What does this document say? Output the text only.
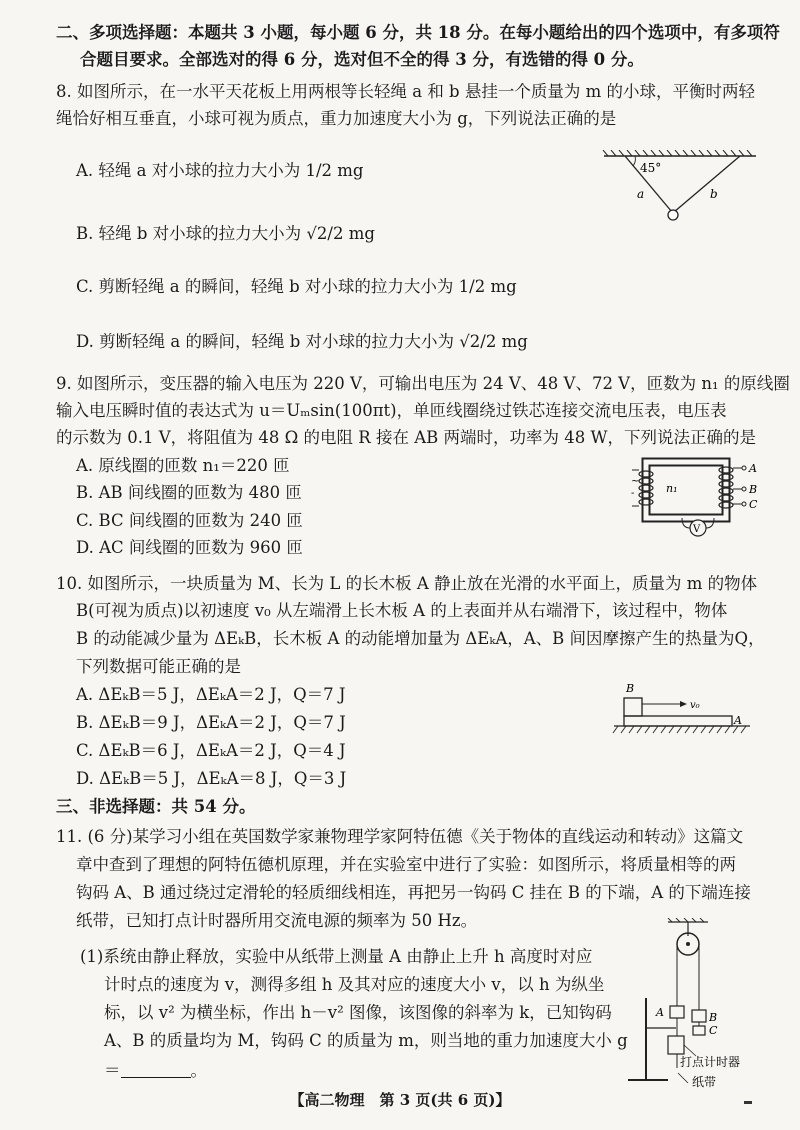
二、多项选择题：本题共 3 小题，每小题 6 分，共 18 分。在每小题给出的四个选项中，有多项符
合题目要求。全部选对的得 6 分，选对但不全的得 3 分，有选错的得 0 分。
8. 如图所示，在一水平天花板上用两根等长轻绳 a 和 b 悬挂一个质量为 m 的小球，平衡时两轻
绳恰好相互垂直，小球可视为质点，重力加速度大小为 g，下列说法正确的是
A. 轻绳 a 对小球的拉力大小为 1/2 mg
B. 轻绳 b 对小球的拉力大小为 √2/2 mg
C. 剪断轻绳 a 的瞬间，轻绳 b 对小球的拉力大小为 1/2 mg
D. 剪断轻绳 a 的瞬间，轻绳 b 对小球的拉力大小为 √2/2 mg
45°
a	b
9. 如图所示，变压器的输入电压为 220 V，可输出电压为 24 V、48 V、72 V，匝数为 n₁ 的原线圈
输入电压瞬时值的表达式为 u＝Uₘsin(100πt)，单匝线圈绕过铁芯连接交流电压表，电压表
的示数为 0.1 V，将阻值为 48 Ω 的电阻 R 接在 AB 两端时，功率为 48 W，下列说法正确的是
A. 原线圈的匝数 n₁＝220 匝
B. AB 间线圈的匝数为 480 匝
C. BC 间线圈的匝数为 240 匝
D. AC 间线圈的匝数为 960 匝
~
-	n₁
A
B
C
V
10. 如图所示，一块质量为 M、长为 L 的长木板 A 静止放在光滑的水平面上，质量为 m 的物体
B(可视为质点)以初速度 v₀ 从左端滑上长木板 A 的上表面并从右端滑下，该过程中，物体
B 的动能减少量为 ΔEₖB，长木板 A 的动能增加量为 ΔEₖA，A、B 间因摩擦产生的热量为Q，
下列数据可能正确的是
A. ΔEₖB＝5 J，ΔEₖA＝2 J，Q＝7 J
B. ΔEₖB＝9 J，ΔEₖA＝2 J，Q＝7 J
C. ΔEₖB＝6 J，ΔEₖA＝2 J，Q＝4 J
D. ΔEₖB＝5 J，ΔEₖA＝8 J，Q＝3 J
B
v₀
A
三、非选择题：共 54 分。
11. (6 分)某学习小组在英国数学家兼物理学家阿特伍德《关于物体的直线运动和转动》这篇文
章中查到了理想的阿特伍德机原理，并在实验室中进行了实验：如图所示，将质量相等的两
钩码 A、B 通过绕过定滑轮的轻质细线相连，再把另一钩码 C 挂在 B 的下端，A 的下端连接
纸带，已知打点计时器所用交流电源的频率为 50 Hz。
(1)系统由静止释放，实验中从纸带上测量 A 由静止上升 h 高度时对应
计时点的速度为 v，测得多组 h 及其对应的速度大小 v，以 h 为纵坐
标，以 v² 为横坐标，作出 h－v² 图像，该图像的斜率为 k，已知钩码
A、B 的质量均为 M，钩码 C 的质量为 m，则当地的重力加速度大小 g
＝	。
A	B
C
打点计时器
纸带
【高二物理　第 3 页(共 6 页)】
